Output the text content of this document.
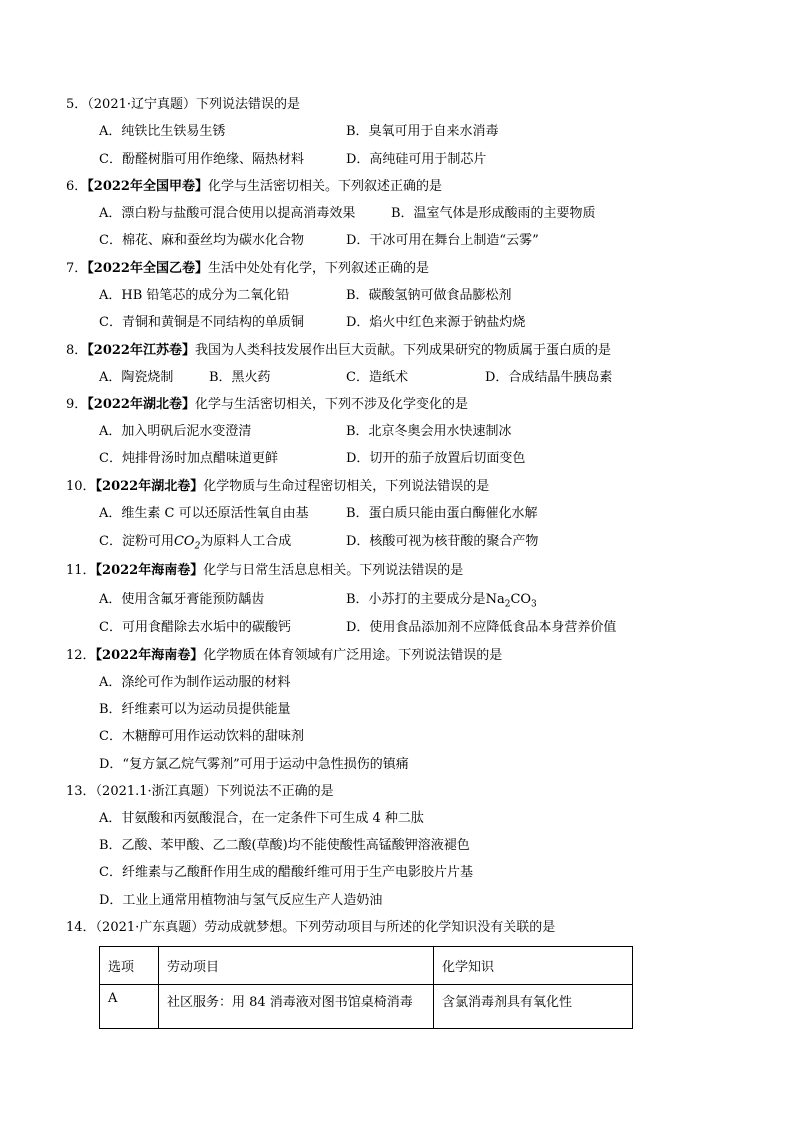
5．（2021·辽宁真题）下列说法错误的是
A．纯铁比生铁易生锈	B．臭氧可用于自来水消毒
C．酚醛树脂可用作绝缘、隔热材料	D．高纯硅可用于制芯片
6．【2022年全国甲卷】化学与生活密切相关。下列叙述正确的是
A．漂白粉与盐酸可混合使用以提高消毒效果	B．温室气体是形成酸雨的主要物质
C．棉花、麻和蚕丝均为碳水化合物	D．干冰可用在舞台上制造“云雾”
7．【2022年全国乙卷】生活中处处有化学，下列叙述正确的是
A．HB 铅笔芯的成分为二氧化铅	B．碳酸氢钠可做食品膨松剂
C．青铜和黄铜是不同结构的单质铜	D．焰火中红色来源于钠盐灼烧
8．【2022年江苏卷】我国为人类科技发展作出巨大贡献。下列成果研究的物质属于蛋白质的是
A．陶瓷烧制	B．黑火药	C．造纸术	D．合成结晶牛胰岛素
9．【2022年湖北卷】化学与生活密切相关，下列不涉及化学变化的是
A．加入明矾后泥水变澄清	B．北京冬奥会用水快速制冰
C．炖排骨汤时加点醋味道更鲜	D．切开的茄子放置后切面变色
10．【2022年湖北卷】化学物质与生命过程密切相关，下列说法错误的是
A．维生素 C 可以还原活性氧自由基	B．蛋白质只能由蛋白酶催化水解
C．淀粉可用$CO_2$为原料人工合成	D．核酸可视为核苷酸的聚合产物
11．【2022年海南卷】化学与日常生活息息相关。下列说法错误的是
A．使用含氟牙膏能预防龋齿	B．小苏打的主要成分是$Na_2CO_3$
C．可用食醋除去水垢中的碳酸钙	D．使用食品添加剂不应降低食品本身营养价值
12．【2022年海南卷】化学物质在体育领域有广泛用途。下列说法错误的是
A．涤纶可作为制作运动服的材料
B．纤维素可以为运动员提供能量
C．木糖醇可用作运动饮料的甜味剂
D．“复方氯乙烷气雾剂”可用于运动中急性损伤的镇痛
13．（2021.1·浙江真题）下列说法不正确的是
A．甘氨酸和丙氨酸混合，在一定条件下可生成 4 种二肽
B．乙酸、苯甲酸、乙二酸(草酸)均不能使酸性高锰酸钾溶液褪色
C．纤维素与乙酸酐作用生成的醋酸纤维可用于生产电影胶片片基
D．工业上通常用植物油与氢气反应生产人造奶油
14．（2021·广东真题）劳动成就梦想。下列劳动项目与所述的化学知识没有关联的是
选项	劳动项目	化学知识
A	社区服务：用 84 消毒液对图书馆桌椅消毒	含氯消毒剂具有氧化性
